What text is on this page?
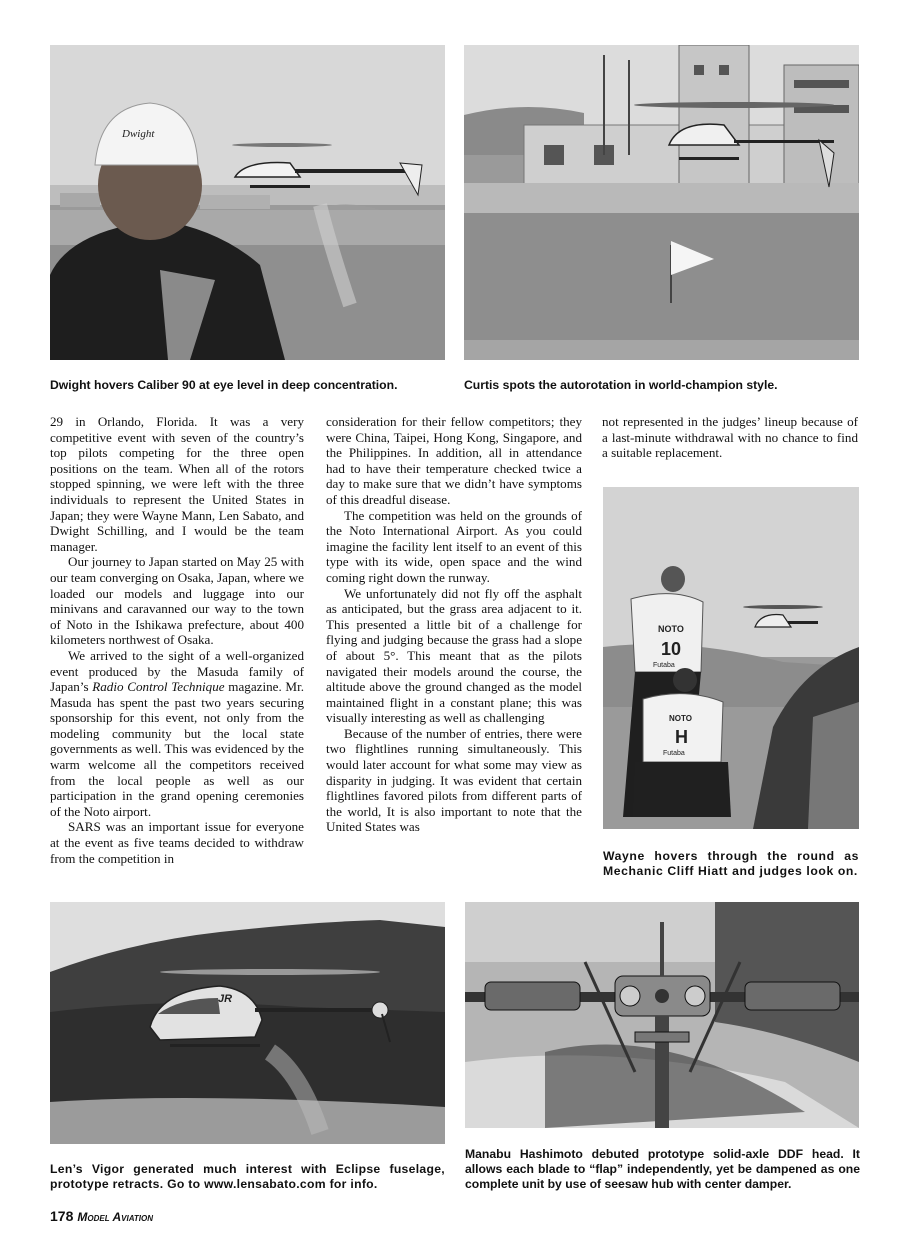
Dwight
Dwight hovers Caliber 90 at eye level in deep concentration.	Curtis spots the autorotation in world-champion style.

29 in Orlando, Florida. It was a very competitive event with seven of the country’s top pilots competing for the three open positions on the team. When all of the rotors stopped spinning, we were left with the three individuals to represent the United States in Japan; they were Wayne Mann, Len Sabato, and Dwight Schilling, and I would be the team manager.

Our journey to Japan started on May 25 with our team converging on Osaka, Japan, where we loaded our models and luggage into our minivans and caravanned our way to the town of Noto in the Ishikawa prefecture, about 400 kilometers northwest of Osaka.

We arrived to the sight of a well-organized event produced by the Masuda family of Japan’s Radio Control Technique magazine. Mr. Masuda has spent the past two years securing sponsorship for this event, not only from the modeling community but the local state governments as well. This was evidenced by the warm welcome all the competitors received from the local people as well as our participation in the grand opening ceremonies of the Noto airport.

SARS was an important issue for everyone at the event as five teams decided to withdraw from the competition in

consideration for their fellow competitors; they were China, Taipei, Hong Kong, Singapore, and the Philippines. In addition, all in attendance had to have their temperature checked twice a day to make sure that we didn’t have symptoms of this dreadful disease.

The competition was held on the grounds of the Noto International Airport. As you could imagine the facility lent itself to an event of this type with its wide, open space and the wind coming right down the runway.

We unfortunately did not fly off the asphalt as anticipated, but the grass area adjacent to it. This presented a little bit of a challenge for flying and judging because the grass had a slope of about 5°. This meant that as the pilots navigated their models around the course, the altitude above the ground changed as the model maintained flight in a constant plane; this was visually interesting as well as challenging

Because of the number of entries, there were two flightlines running simultaneously. This would later account for what some may view as disparity in judging. It was evident that certain flightlines favored pilots from different parts of the world, It is also important to note that the United States was

not represented in the judges’ lineup because of a last-minute withdrawal with no chance to find a suitable replacement.

NOTO
10
Futaba
NOTO
H
Futaba
Wayne hovers through the round as Mechanic Cliff Hiatt and judges look on.
JR
Len’s Vigor generated much interest with Eclipse fuselage, prototype retracts. Go to www.lensabato.com for info.
Manabu Hashimoto debuted prototype solid-axle DDF head. It allows each blade to “flap” independently, yet be dampened as one complete unit by use of seesaw hub with center damper.
178 Model Aviation
